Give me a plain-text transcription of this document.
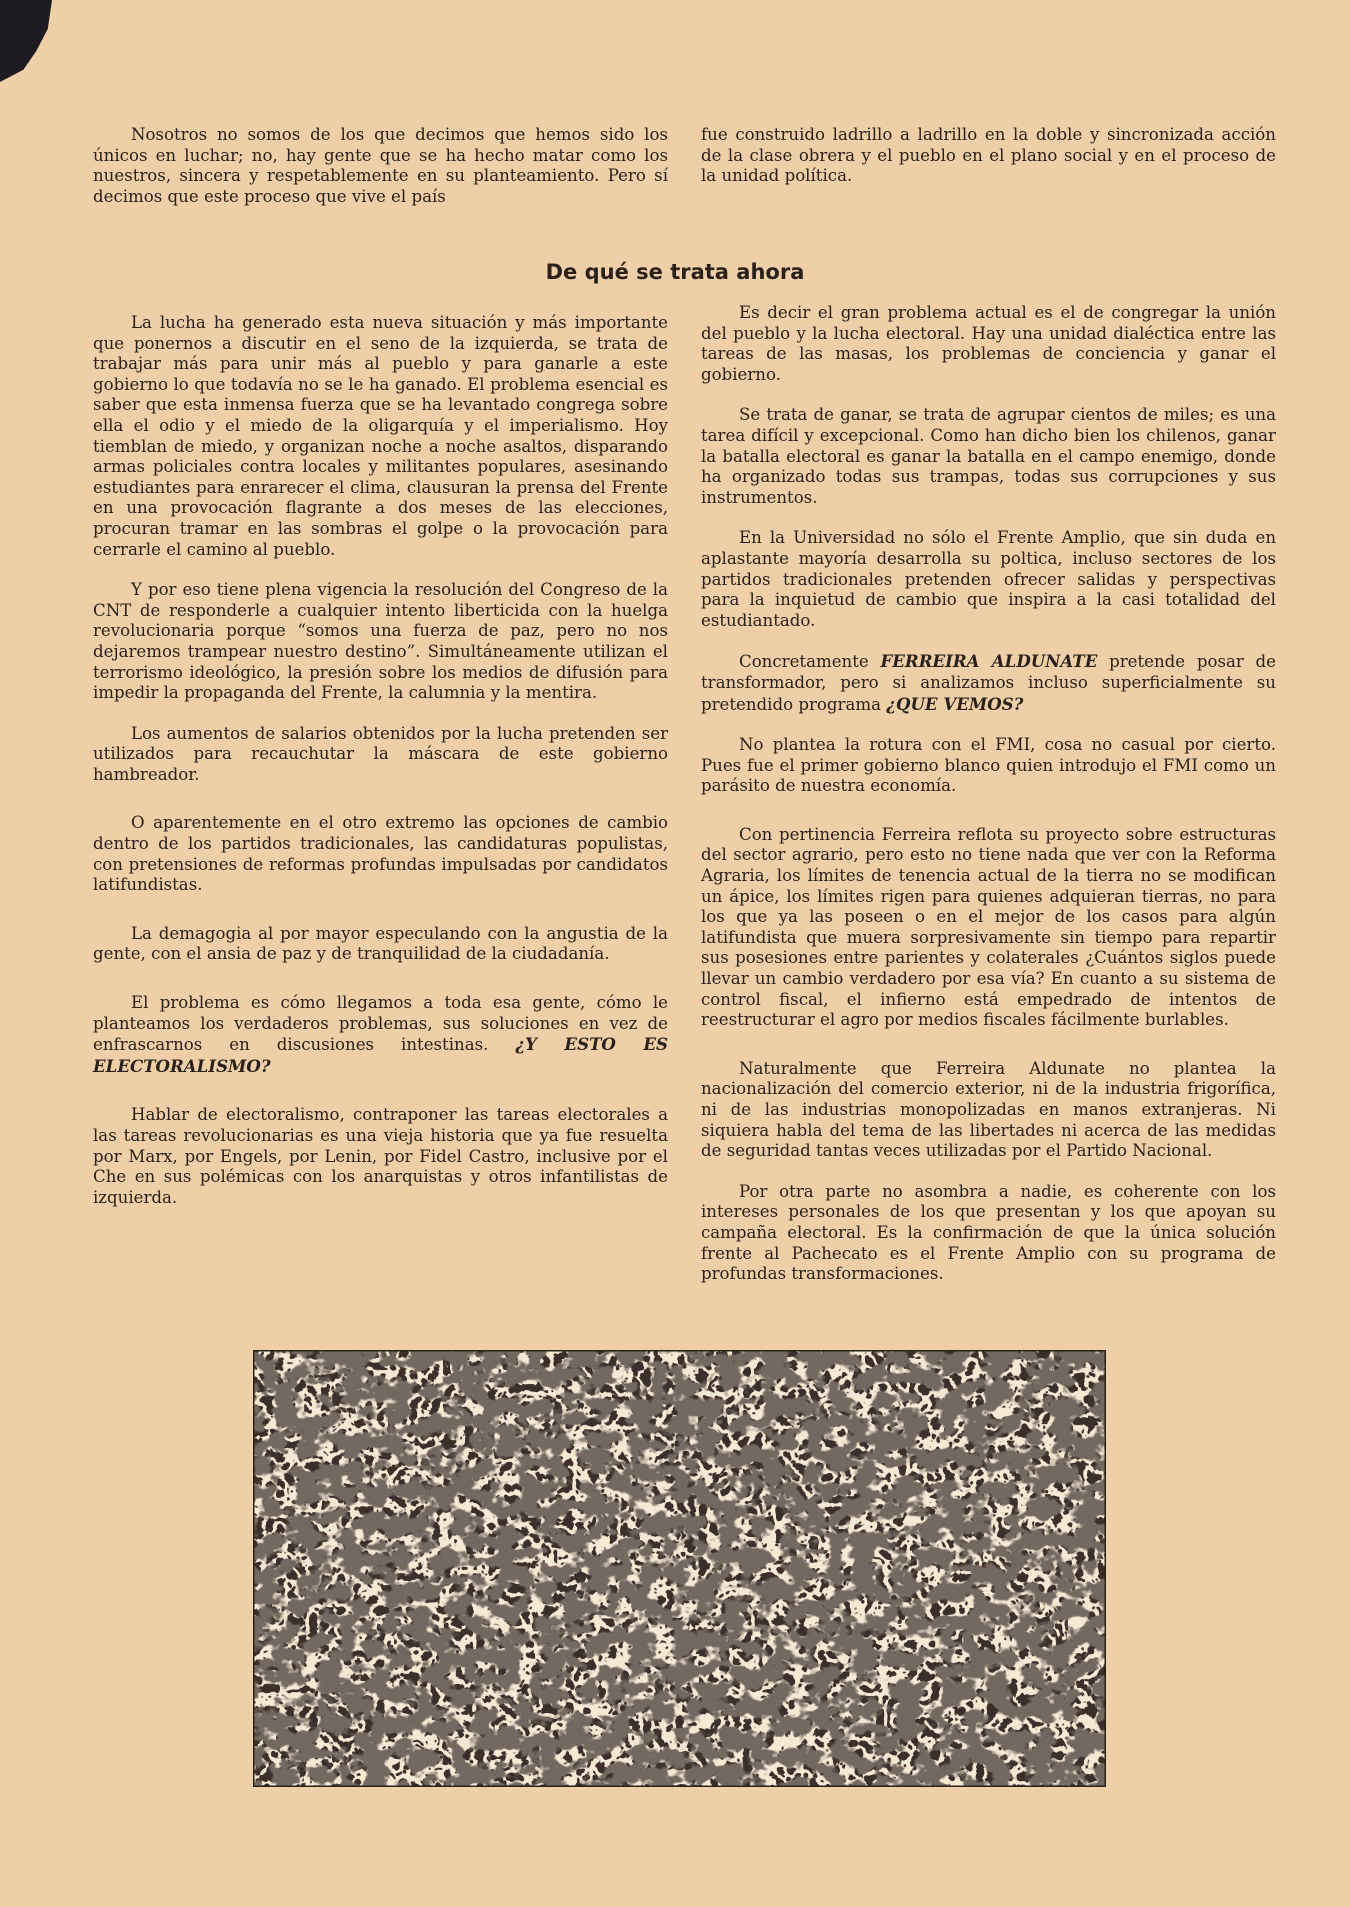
Nosotros no somos de los que decimos que hemos sido los únicos en luchar; no, hay gente que se ha hecho matar como los nuestros, sincera y respetablemente en su planteamiento. Pero sí decimos que este proceso que vive el país

fue construido ladrillo a ladrillo en la doble y sincronizada acción de la clase obrera y el pueblo en el plano social y en el proceso de la unidad política.

De qué se trata ahora

La lucha ha generado esta nueva situación y más importante que ponernos a discutir en el seno de la izquierda, se trata de trabajar más para unir más al pueblo y para ganarle a este gobierno lo que todavía no se le ha ganado. El problema esencial es saber que esta inmensa fuerza que se ha levantado congrega sobre ella el odio y el miedo de la oligarquía y el imperialismo. Hoy tiemblan de miedo, y organizan noche a noche asaltos, disparando armas policiales contra locales y militantes populares, asesinando estudiantes para enrarecer el clima, clausuran la prensa del Frente en una provocación flagrante a dos meses de las elecciones, procuran tramar en las sombras el golpe o la provocación para cerrarle el camino al pueblo.

Y por eso tiene plena vigencia la resolución del Congreso de la CNT de responderle a cualquier intento liberticida con la huelga revolucionaria porque “somos una fuerza de paz, pero no nos dejaremos trampear nuestro destino”. Simultáneamente utilizan el terrorismo ideológico, la presión sobre los medios de difusión para impedir la propaganda del Frente, la calumnia y la mentira.

Los aumentos de salarios obtenidos por la lucha pretenden ser utilizados para recauchutar la máscara de este gobierno hambreador.

O aparentemente en el otro extremo las opciones de cambio dentro de los partidos tradicionales, las candidaturas populistas, con pretensiones de reformas profundas impulsadas por candidatos latifundistas.

La demagogia al por mayor especulando con la angustia de la gente, con el ansia de paz y de tranquilidad de la ciudadanía.

El problema es cómo llegamos a toda esa gente, cómo le planteamos los verdaderos problemas, sus soluciones en vez de enfrascarnos en discusiones intestinas. ¿Y ESTO ES ELECTORALISMO?

Hablar de electoralismo, contraponer las tareas electorales a las tareas revolucionarias es una vieja historia que ya fue resuelta por Marx, por Engels, por Lenin, por Fidel Castro, inclusive por el Che en sus polémicas con los anarquistas y otros infantilistas de izquierda.

Es decir el gran problema actual es el de congregar la unión del pueblo y la lucha electoral. Hay una unidad dialéctica entre las tareas de las masas, los problemas de conciencia y ganar el gobierno.

Se trata de ganar, se trata de agrupar cientos de miles; es una tarea difícil y excepcional. Como han dicho bien los chilenos, ganar la batalla electoral es ganar la batalla en el campo enemigo, donde ha organizado todas sus trampas, todas sus corrupciones y sus instrumentos.

En la Universidad no sólo el Frente Amplio, que sin duda en aplastante mayoría desarrolla su poltica, incluso sectores de los partidos tradicionales pretenden ofrecer salidas y perspectivas para la inquietud de cambio que inspira a la casi totalidad del estudiantado.

Concretamente FERREIRA ALDUNATE pretende posar de transformador, pero si analizamos incluso superficialmente su pretendido programa ¿QUE VEMOS?

No plantea la rotura con el FMI, cosa no casual por cierto. Pues fue el primer gobierno blanco quien introdujo el FMI como un parásito de nuestra economía.

Con pertinencia Ferreira reflota su proyecto sobre estructuras del sector agrario, pero esto no tiene nada que ver con la Reforma Agraria, los límites de tenencia actual de la tierra no se modifican un ápice, los límites rigen para quienes adquieran tierras, no para los que ya las poseen o en el mejor de los casos para algún latifundista que muera sorpresivamente sin tiempo para repartir sus posesiones entre parientes y colaterales ¿Cuántos siglos puede llevar un cambio verdadero por esa vía? En cuanto a su sistema de control fiscal, el infierno está empedrado de intentos de reestructurar el agro por medios fiscales fácilmente burlables.

Naturalmente que Ferreira Aldunate no plantea la nacionalización del comercio exterior, ni de la industria frigorífica, ni de las industrias monopolizadas en manos extranjeras. Ni siquiera habla del tema de las libertades ni acerca de las medidas de seguridad tantas veces utilizadas por el Partido Nacional.

Por otra parte no asombra a nadie, es coherente con los intereses personales de los que presentan y los que apoyan su campaña electoral. Es la confirmación de que la única solución frente al Pachecato es el Frente Amplio con su programa de profundas transformaciones.
